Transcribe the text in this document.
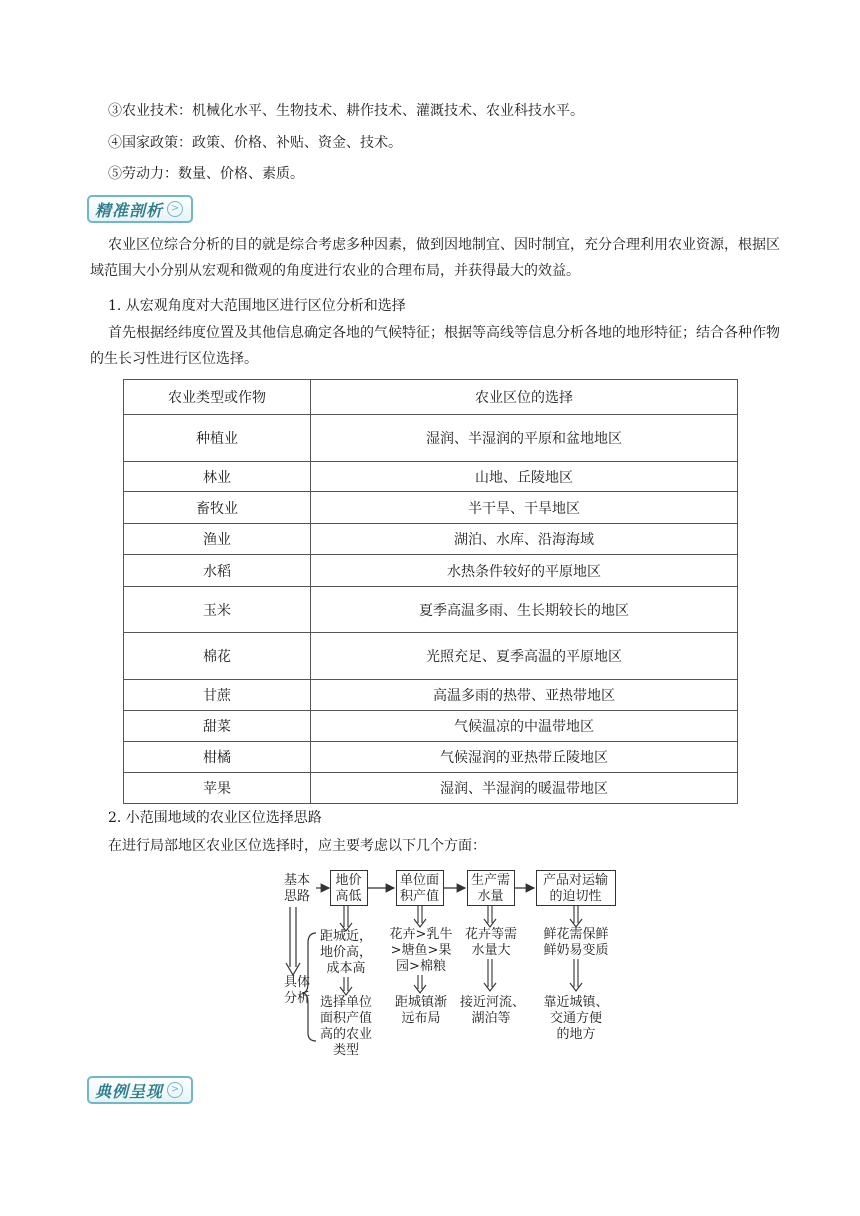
③农业技术：机械化水平、生物技术、耕作技术、灌溉技术、农业科技水平。
④国家政策：政策、价格、补贴、资金、技术。
⑤劳动力：数量、价格、素质。
精准剖析 >
农业区位综合分析的目的就是综合考虑多种因素，做到因地制宜、因时制宜，充分合理利用农业资源，根据区域范围大小分别从宏观和微观的角度进行农业的合理布局，并获得最大的效益。
1. 从宏观角度对大范围地区进行区位分析和选择
首先根据经纬度位置及其他信息确定各地的气候特征；根据等高线等信息分析各地的地形特征；结合各种作物的生长习性进行区位选择。
农业类型或作物	农业区位的选择
种植业	湿润、半湿润的平原和盆地地区
林业	山地、丘陵地区
畜牧业	半干旱、干旱地区
渔业	湖泊、水库、沿海海域
水稻	水热条件较好的平原地区
玉米	夏季高温多雨、生长期较长的地区
棉花	光照充足、夏季高温的平原地区
甘蔗	高温多雨的热带、亚热带地区
甜菜	气候温凉的中温带地区
柑橘	气候湿润的亚热带丘陵地区
苹果	湿润、半湿润的暖温带地区
2. 小范围地域的农业区位选择思路
在进行局部地区农业区位选择时，应主要考虑以下几个方面：
基本
思路
具体
分析
地价
高低
单位面
积产值
生产需
水量
产品对运输
的迫切性
距城近，
地价高，
成本高
花卉>乳牛
>塘鱼>果
园>棉粮
花卉等需
水量大
鲜花需保鲜
鲜奶易变质
选择单位
面积产值
高的农业
类型
距城镇渐
远布局
接近河流、
湖泊等
靠近城镇、
交通方便
的地方
典例呈现 >
